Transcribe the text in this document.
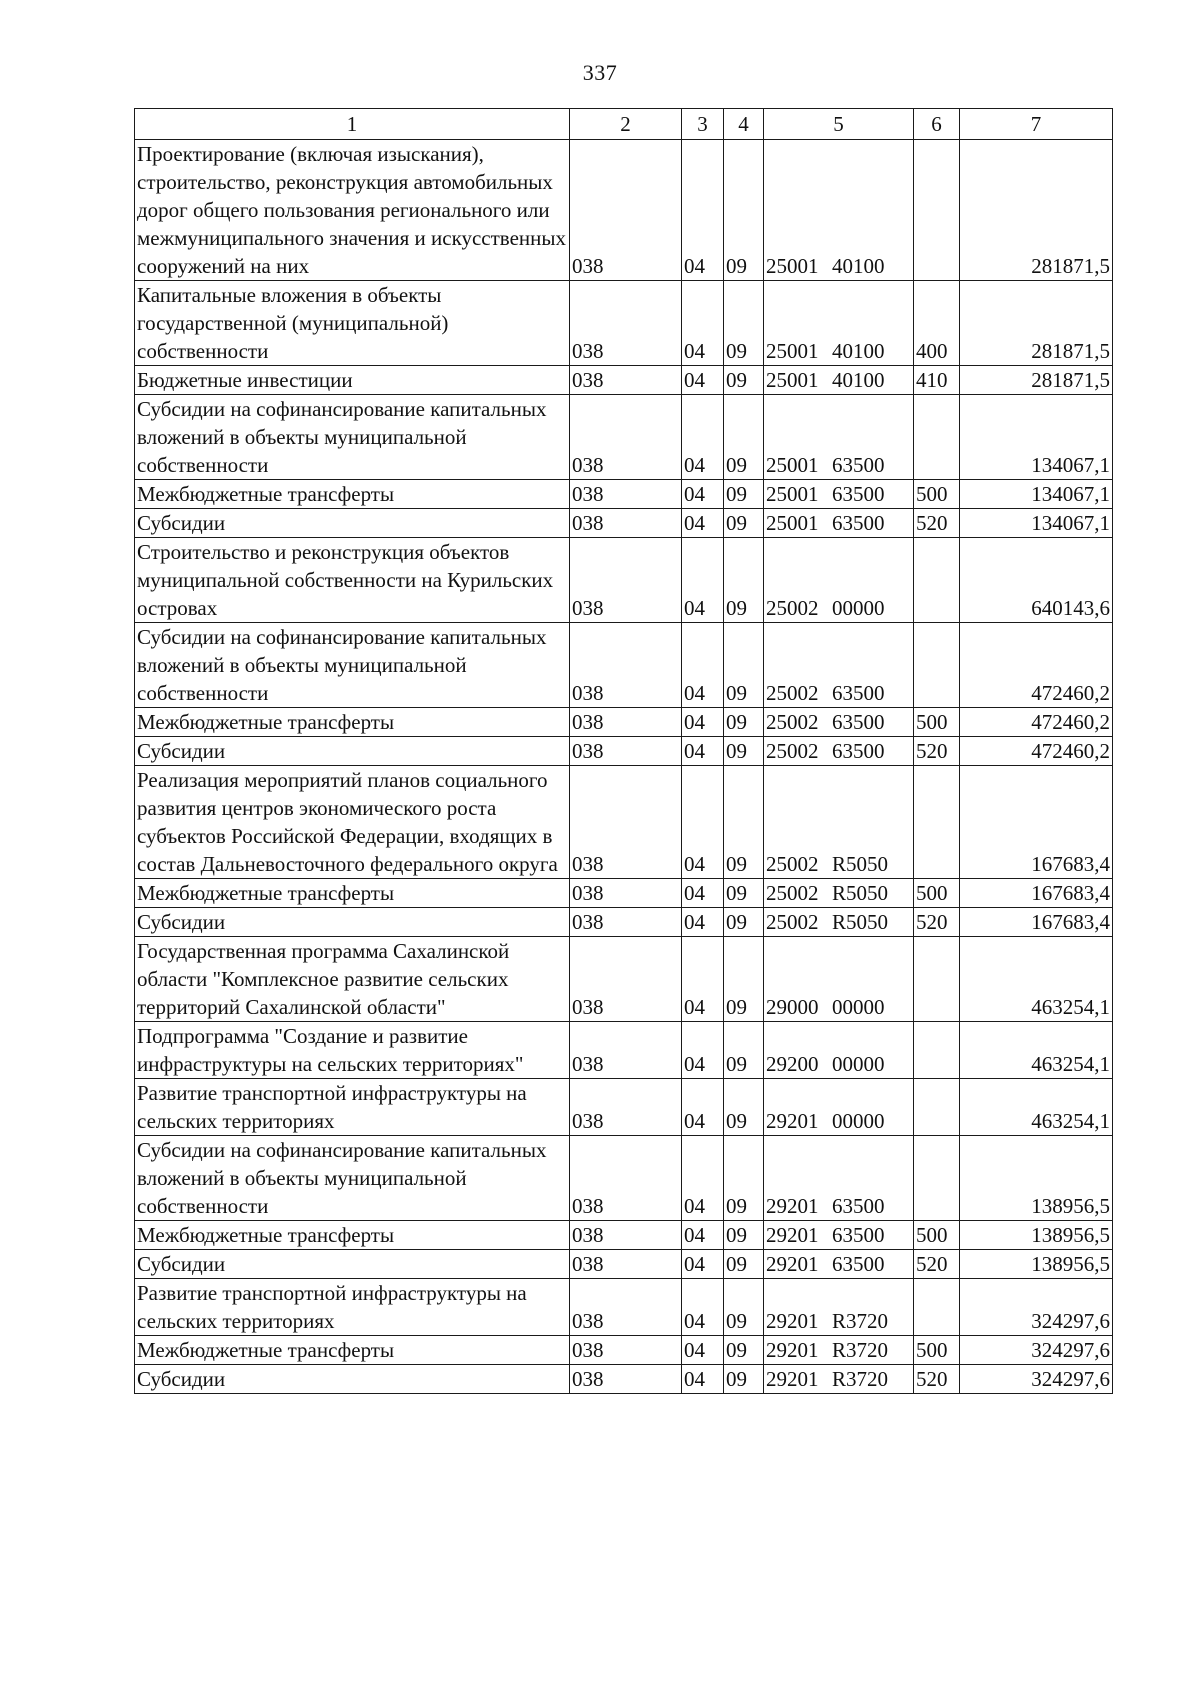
337
1	2	3	4	5	6	7
Проектирование (включая изыскания), строительство, реконструкция автомобильных дорог общего пользования регионального или межмуниципального значения и искусственных сооружений на них	038	04	09	25001 40100		281871,5
Капитальные вложения в объекты государственной (муниципальной) собственности	038	04	09	25001 40100	400	281871,5
Бюджетные инвестиции	038	04	09	25001 40100	410	281871,5
Субсидии на софинансирование капитальных вложений в объекты муниципальной собственности	038	04	09	25001 63500		134067,1
Межбюджетные трансферты	038	04	09	25001 63500	500	134067,1
Субсидии	038	04	09	25001 63500	520	134067,1
Строительство и реконструкция объектов муниципальной собственности на Курильских островах	038	04	09	25002 00000		640143,6
Субсидии на софинансирование капитальных вложений в объекты муниципальной собственности	038	04	09	25002 63500		472460,2
Межбюджетные трансферты	038	04	09	25002 63500	500	472460,2
Субсидии	038	04	09	25002 63500	520	472460,2
Реализация мероприятий планов социального развития центров экономического роста субъектов Российской Федерации, входящих в состав Дальневосточного федерального округа	038	04	09	25002 R5050		167683,4
Межбюджетные трансферты	038	04	09	25002 R5050	500	167683,4
Субсидии	038	04	09	25002 R5050	520	167683,4
Государственная программа Сахалинской области "Комплексное развитие сельских территорий Сахалинской области"	038	04	09	29000 00000		463254,1
Подпрограмма "Создание и развитие инфраструктуры на сельских территориях"	038	04	09	29200 00000		463254,1
Развитие транспортной инфраструктуры на сельских территориях	038	04	09	29201 00000		463254,1
Субсидии на софинансирование капитальных вложений в объекты муниципальной собственности	038	04	09	29201 63500		138956,5
Межбюджетные трансферты	038	04	09	29201 63500	500	138956,5
Субсидии	038	04	09	29201 63500	520	138956,5
Развитие транспортной инфраструктуры на сельских территориях	038	04	09	29201 R3720		324297,6
Межбюджетные трансферты	038	04	09	29201 R3720	500	324297,6
Субсидии	038	04	09	29201 R3720	520	324297,6
